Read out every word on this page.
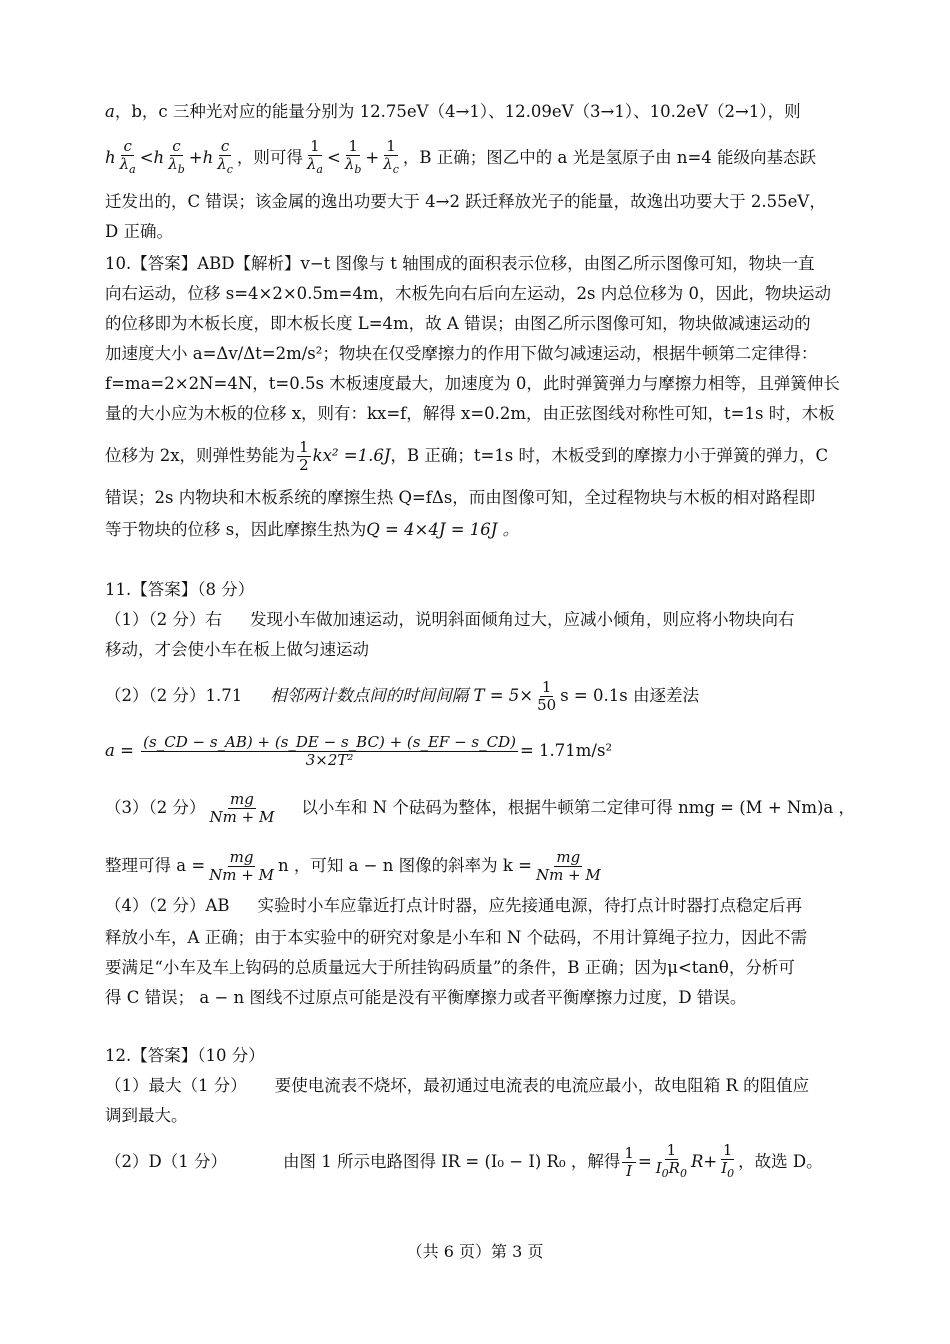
a，b，c 三种光对应的能量分别为 12.75eV（4→1）、12.09eV（3→1）、10.2eV（2→1），则
h $\frac{c}{\lambda_a} < h \frac{c}{\lambda_b} + h \frac{c}{\lambda_c}$ ，则可得 $\frac{1}{\lambda_a} < \frac{1}{\lambda_b} + \frac{1}{\lambda_c}$ ，B 正确；图乙中的 a 光是氢原子由 n=4 能级向基态跃
迁发出的，C 错误；该金属的逸出功要大于 4→2 跃迁释放光子的能量，故逸出功要大于 2.55eV，
D 正确。
10.【答案】ABD【解析】v−t 图像与 t 轴围成的面积表示位移，由图乙所示图像可知，物块一直
向右运动，位移 s=4×2×0.5m=4m，木板先向右后向左运动，2s 内总位移为 0，因此，物块运动
的位移即为木板长度，即木板长度 L=4m，故 A 错误；由图乙所示图像可知，物块做减速运动的
加速度大小 a=Δv/Δt=2m/s²；物块在仅受摩擦力的作用下做匀减速运动，根据牛顿第二定律得：
f=ma=2×2N=4N，t=0.5s 木板速度最大，加速度为 0，此时弹簧弹力与摩擦力相等，且弹簧伸长
量的大小应为木板的位移 x，则有：kx=f，解得 x=0.2m，由正弦图线对称性可知，t=1s 时，木板
位移为 2x，则弹性势能为 $\frac{1}{2} kx^2 =1.6J$ ，B 正确；t=1s 时，木板受到的摩擦力小于弹簧的弹力，C
错误；2s 内物块和木板系统的摩擦生热 Q=fΔs，而由图像可知，全过程物块与木板的相对路程即
等于物块的位移 s，因此摩擦生热为Q = 4×4J = 16J 。
11.【答案】（8 分）
（1）（2 分）右 发现小车做加速运动，说明斜面倾角过大，应减小倾角，则应将小物块向右
移动，才会使小车在板上做匀速运动
（2）（2 分）1.71 相邻两计数点间的时间间隔 $T = 5\times \frac{1}{50}$ s = 0.1s 由逐差法
$a = \frac{(s\_CD - s\_AB) + (s\_DE - s\_BC) + (s\_EF - s\_CD)}{\text{3×2T²}} = 1.71m/s^2$
（3）（2 分） $\frac{mg}{Nm + M}$ 以小车和 N 个砝码为整体，根据牛顿第二定律可得 nmg = (M + Nm)a ，
整理可得 $a = \frac{mg}{Nm + M}$ n ，可知 a − n 图像的斜率为 $k = \frac{mg}{Nm + M}$
（4）（2 分）AB 实验时小车应靠近打点计时器，应先接通电源，待打点计时器打点稳定后再
释放小车，A 正确；由于本实验中的研究对象是小车和 N 个砝码，不用计算绳子拉力，因此不需
要满足“小车及车上钩码的总质量远大于所挂钩码质量”的条件，B 正确；因为μ<tanθ，分析可
得 C 错误； a − n 图线不过原点可能是没有平衡摩擦力或者平衡摩擦力过度，D 错误。
12.【答案】（10 分）
（1）最大（1 分） 要使电流表不烧坏，最初通过电流表的电流应最小，故电阻箱 R 的阻值应
调到最大。
（2）D（1 分）	由图 1 所示电路图得 IR = (I₀ − I) R₀ ，解得 $\frac{1}{I} = \frac{1}{I_0R_0}$ $R + \frac{1}{I_0}$ ，故选 D。
（共 6 页）第 3 页
